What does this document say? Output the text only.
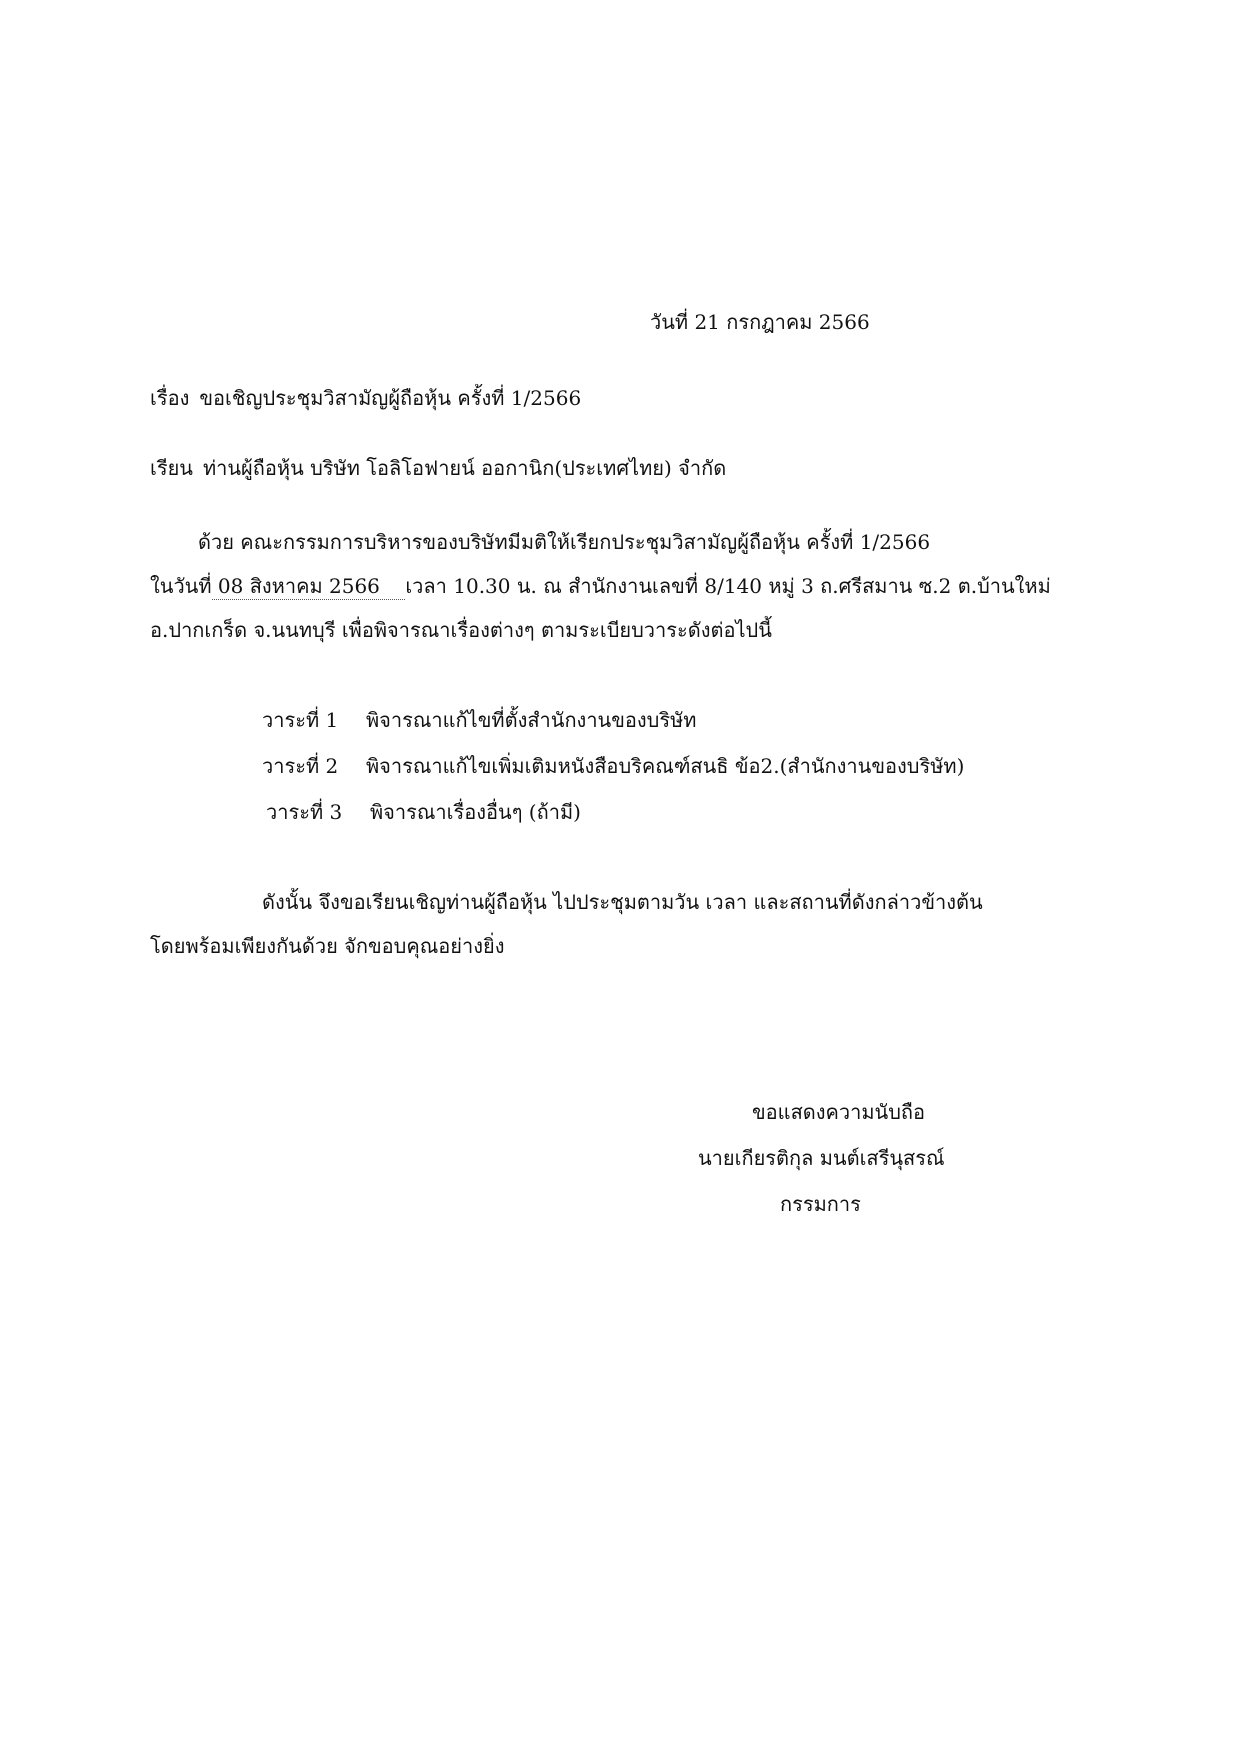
วันที่ 21 กรกฎาคม 2566
เรื่อง ขอเชิญประชุมวิสามัญผู้ถือหุ้น ครั้งที่ 1/2566
เรียน ท่านผู้ถือหุ้น บริษัท โอลิโอฟายน์ ออกานิก(ประเทศไทย) จำกัด
ด้วย คณะกรรมการบริหารของบริษัทมีมติให้เรียกประชุมวิสามัญผู้ถือหุ้น ครั้งที่ 1/2566
ในวันที่ 08 สิงหาคม 2566    เวลา 10.30 น. ณ สำนักงานเลขที่ 8/140 หมู่ 3 ถ.ศรีสมาน ซ.2 ต.บ้านใหม่
อ.ปากเกร็ด จ.นนทบุรี เพื่อพิจารณาเรื่องต่างๆ ตามระเบียบวาระดังต่อไปนี้
วาระที่ 1 พิจารณาแก้ไขที่ตั้งสำนักงานของบริษัท
วาระที่ 2 พิจารณาแก้ไขเพิ่มเติมหนังสือบริคณฑ์สนธิ ข้อ2.(สำนักงานของบริษัท)
วาระที่ 3 พิจารณาเรื่องอื่นๆ (ถ้ามี)
ดังนั้น จึงขอเรียนเชิญท่านผู้ถือหุ้น ไปประชุมตามวัน เวลา และสถานที่ดังกล่าวข้างต้น
โดยพร้อมเพียงกันด้วย จักขอบคุณอย่างยิ่ง
ขอแสดงความนับถือ
นายเกียรติกุล มนต์เสรีนุสรณ์
กรรมการ
